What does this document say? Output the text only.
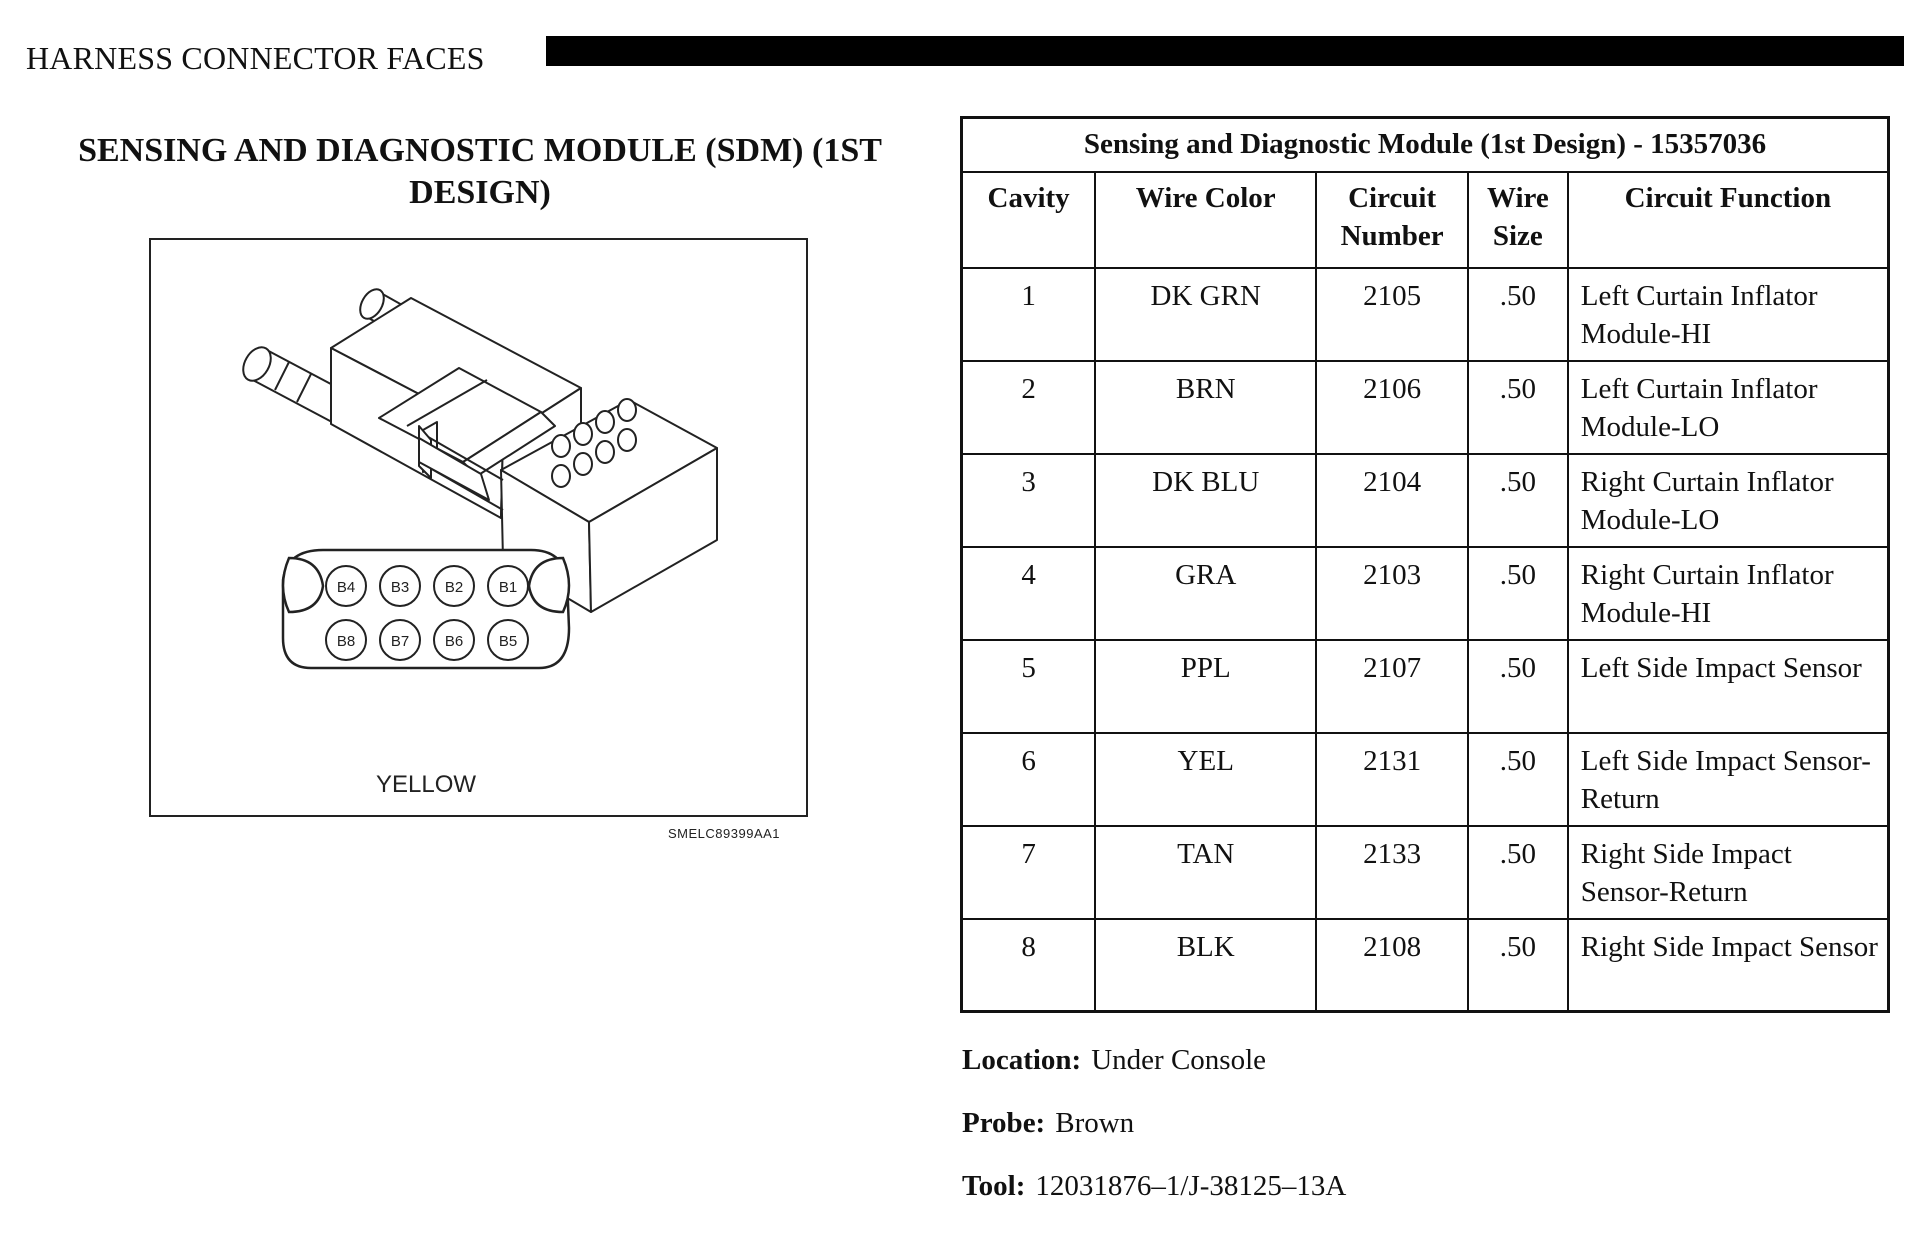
HARNESS CONNECTOR FACES
SENSING AND DIAGNOSTIC MODULE (SDM) (1ST DESIGN)
B4 B3 B2 B1
B8 B7 B6 B5
YELLOW
SMELC89399AA1
Sensing and Diagnostic Module (1st Design) - 15357036				
Cavity	Wire Color	Circuit Number	Wire Size	Circuit Function
1	DK GRN	2105	.50	Left Curtain Inflator Module-HI
2	BRN	2106	.50	Left Curtain Inflator Module-LO
3	DK BLU	2104	.50	Right Curtain Inflator Module-LO
4	GRA	2103	.50	Right Curtain Inflator Module-HI
5	PPL	2107	.50	Left Side Impact Sensor
6	YEL	2131	.50	Left Side Impact Sensor-Return
7	TAN	2133	.50	Right Side Impact Sensor-Return
8	BLK	2108	.50	Right Side Impact Sensor
Location: Under Console
Probe: Brown
Tool: 12031876–1/J-38125–13A
